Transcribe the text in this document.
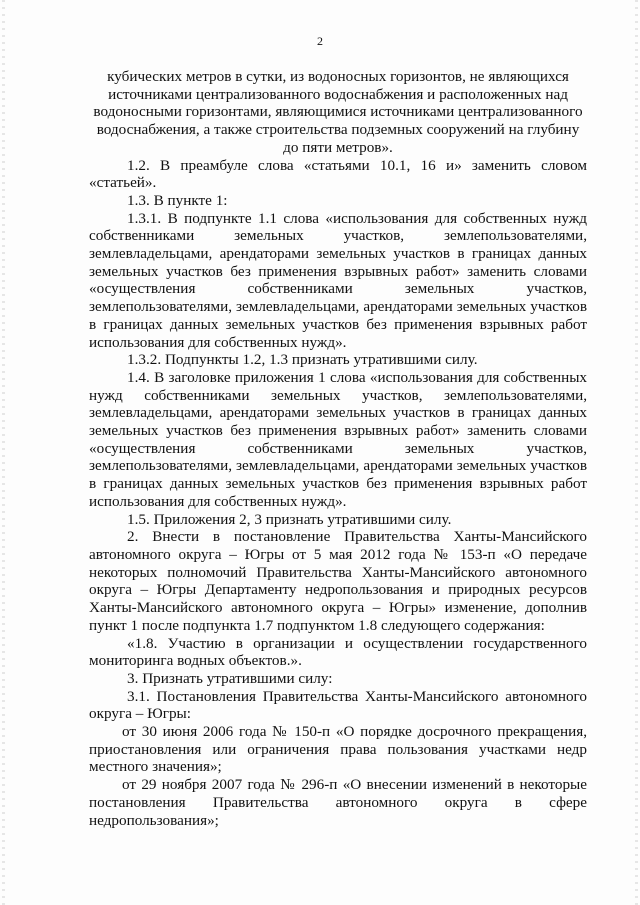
2

кубических метров в сутки, из водоносных горизонтов, не являющихся источниками централизованного водоснабжения и расположенных над водоносными горизонтами, являющимися источниками централизованного водоснабжения, а также строительства подземных сооружений на глубину до пяти метров».

1.2. В преамбуле слова «статьями 10.1, 16 и» заменить словом «статьей».

1.3. В пункте 1:

1.3.1. В подпункте 1.1 слова «использования для собственных нужд собственниками земельных участков, землепользователями, землевладельцами, арендаторами земельных участков в границах данных земельных участков без применения взрывных работ» заменить словами «осуществления собственниками земельных участков, землепользователями, землевладельцами, арендаторами земельных участков в границах данных земельных участков без применения взрывных работ использования для собственных нужд».

1.3.2. Подпункты 1.2, 1.3 признать утратившими силу.

1.4. В заголовке приложения 1 слова «использования для собственных нужд собственниками земельных участков, землепользователями, землевладельцами, арендаторами земельных участков в границах данных земельных участков без применения взрывных работ» заменить словами «осуществления собственниками земельных участков, землепользователями, землевладельцами, арендаторами земельных участков в границах данных земельных участков без применения взрывных работ использования для собственных нужд».

1.5. Приложения 2, 3 признать утратившими силу.

2. Внести в постановление Правительства Ханты-Мансийского автономного округа – Югры от 5 мая 2012 года № 153-п «О передаче некоторых полномочий Правительства Ханты-Мансийского автономного округа – Югры Департаменту недропользования и природных ресурсов Ханты-Мансийского автономного округа – Югры» изменение, дополнив пункт 1 после подпункта 1.7 подпунктом 1.8 следующего содержания:

«1.8. Участию в организации и осуществлении государственного мониторинга водных объектов.».

3. Признать утратившими силу:

3.1. Постановления Правительства Ханты-Мансийского автономного округа – Югры:

от 30 июня 2006 года № 150-п «О порядке досрочного прекращения, приостановления или ограничения права пользования участками недр местного значения»;

от 29 ноября 2007 года № 296-п «О внесении изменений в некоторые постановления Правительства автономного округа в сфере недропользования»;
